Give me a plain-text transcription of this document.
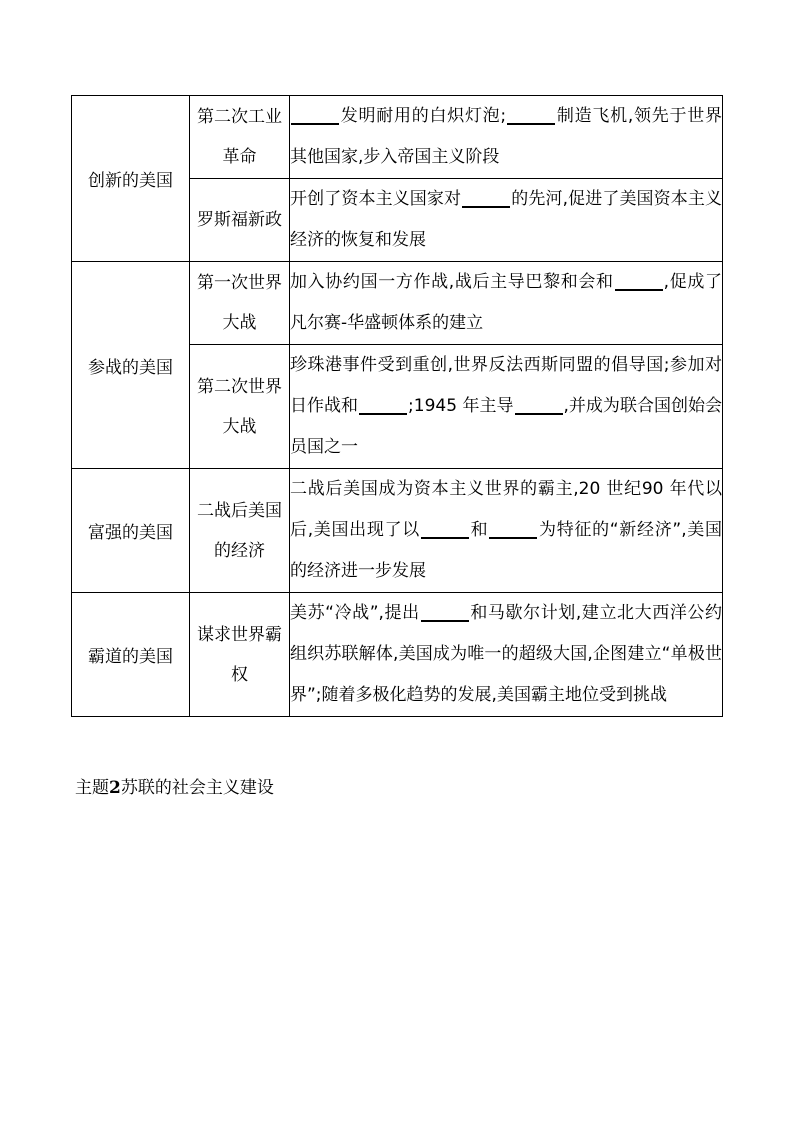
创新的美国	第二次工业革命	发明耐用的白炽灯泡; 制造飞机,领先于世界其他国家,步入帝国主义阶段
	罗斯福新政	开创了资本主义国家对 的先河,促进了美国资本主义经济的恢复和发展
参战的美国	第一次世界大战	加入协约国一方作战,战后主导巴黎和会和 ,促成了凡尔赛-华盛顿体系的建立
	第二次世界大战	珍珠港事件受到重创,世界反法西斯同盟的倡导国;参加对日作战和 ;1945 年主导 ,并成为联合国创始会员国之一
富强的美国	二战后美国的经济	二战后美国成为资本主义世界的霸主,20 世纪90 年代以后,美国出现了以 和 为特征的“新经济”,美国的经济进一步发展
霸道的美国	谋求世界霸权	美苏“冷战”,提出 和马歇尔计划,建立北大西洋公约组织苏联解体,美国成为唯一的超级大国,企图建立“单极世界”;随着多极化趋势的发展,美国霸主地位受到挑战
主题2苏联的社会主义建设
